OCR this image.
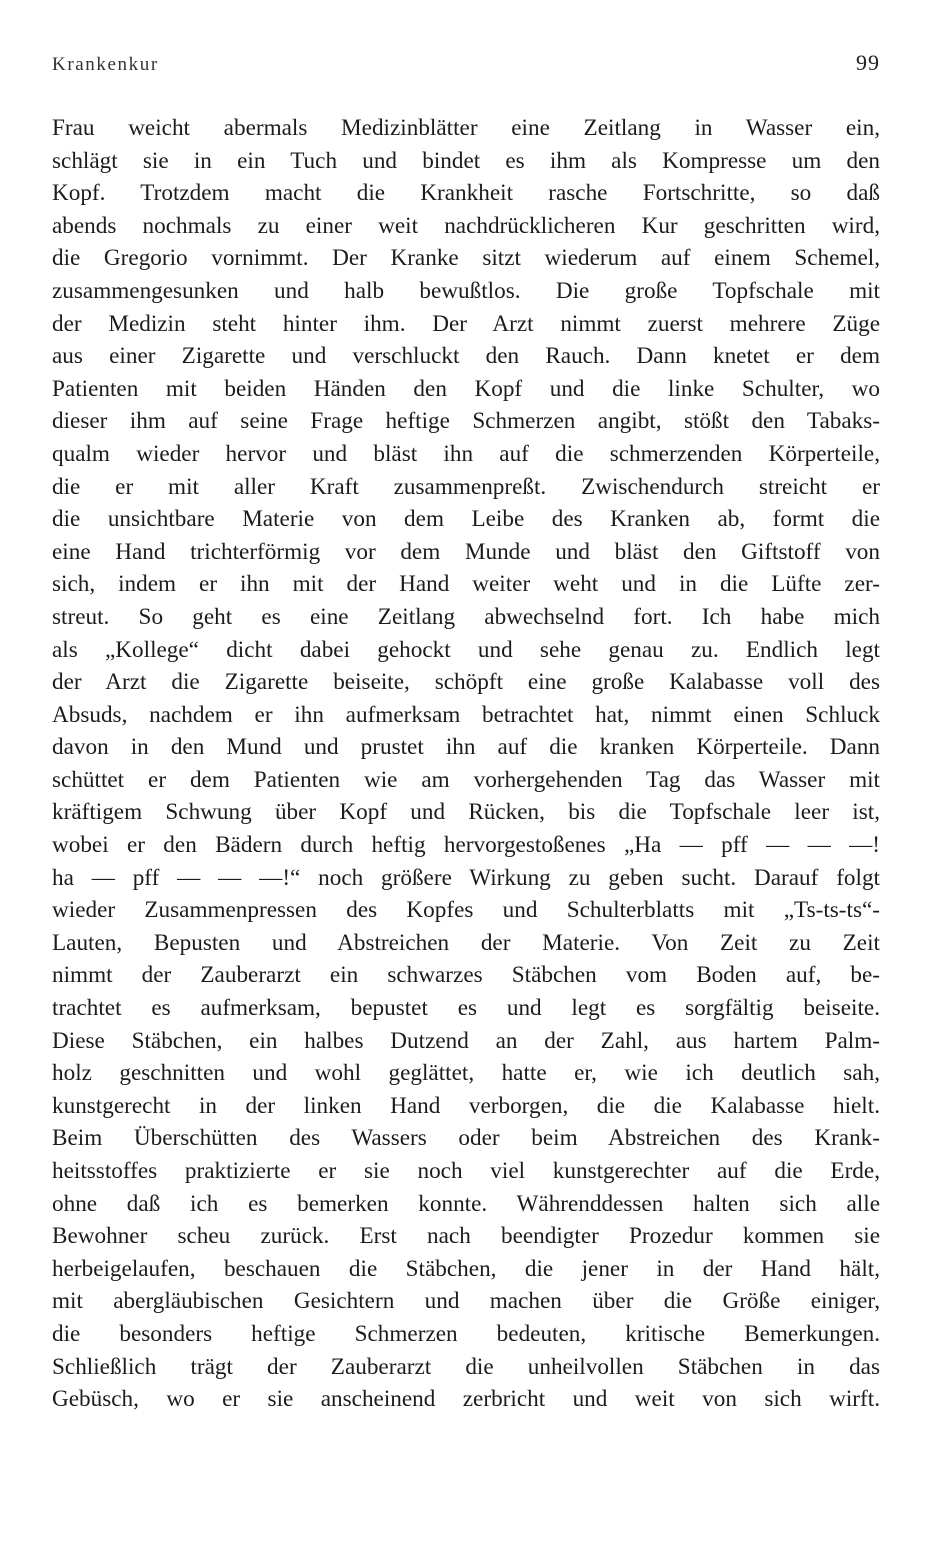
Krankenkur	99
Frau weicht abermals Medizinblätter eine Zeitlang in Wasser ein,
schlägt sie in ein Tuch und bindet es ihm als Kompresse um den
Kopf. Trotzdem macht die Krankheit rasche Fortschritte, so daß
abends nochmals zu einer weit nachdrücklicheren Kur geschritten wird,
die Gregorio vornimmt. Der Kranke sitzt wiederum auf einem Schemel,
zusammengesunken und halb bewußtlos. Die große Topfschale mit
der Medizin steht hinter ihm. Der Arzt nimmt zuerst mehrere Züge
aus einer Zigarette und verschluckt den Rauch. Dann knetet er dem
Patienten mit beiden Händen den Kopf und die linke Schulter, wo
dieser ihm auf seine Frage heftige Schmerzen angibt, stößt den Tabaks-
qualm wieder hervor und bläst ihn auf die schmerzenden Körperteile,
die er mit aller Kraft zusammenpreßt. Zwischendurch streicht er
die unsichtbare Materie von dem Leibe des Kranken ab, formt die
eine Hand trichterförmig vor dem Munde und bläst den Giftstoff von
sich, indem er ihn mit der Hand weiter weht und in die Lüfte zer-
streut. So geht es eine Zeitlang abwechselnd fort. Ich habe mich
als „Kollege“ dicht dabei gehockt und sehe genau zu. Endlich legt
der Arzt die Zigarette beiseite, schöpft eine große Kalabasse voll des
Absuds, nachdem er ihn aufmerksam betrachtet hat, nimmt einen Schluck
davon in den Mund und prustet ihn auf die kranken Körperteile. Dann
schüttet er dem Patienten wie am vorhergehenden Tag das Wasser mit
kräftigem Schwung über Kopf und Rücken, bis die Topfschale leer ist,
wobei er den Bädern durch heftig hervorgestoßenes „Ha — pff — — —!
ha — pff — — —!“ noch größere Wirkung zu geben sucht. Darauf folgt
wieder Zusammenpressen des Kopfes und Schulterblatts mit „Ts-ts-ts“-
Lauten, Bepusten und Abstreichen der Materie. Von Zeit zu Zeit
nimmt der Zauberarzt ein schwarzes Stäbchen vom Boden auf, be-
trachtet es aufmerksam, bepustet es und legt es sorgfältig beiseite.
Diese Stäbchen, ein halbes Dutzend an der Zahl, aus hartem Palm-
holz geschnitten und wohl geglättet, hatte er, wie ich deutlich sah,
kunstgerecht in der linken Hand verborgen, die die Kalabasse hielt.
Beim Überschütten des Wassers oder beim Abstreichen des Krank-
heitsstoffes praktizierte er sie noch viel kunstgerechter auf die Erde,
ohne daß ich es bemerken konnte. Währenddessen halten sich alle
Bewohner scheu zurück. Erst nach beendigter Prozedur kommen sie
herbeigelaufen, beschauen die Stäbchen, die jener in der Hand hält,
mit abergläubischen Gesichtern und machen über die Größe einiger,
die besonders heftige Schmerzen bedeuten, kritische Bemerkungen.
Schließlich trägt der Zauberarzt die unheilvollen Stäbchen in das
Gebüsch, wo er sie anscheinend zerbricht und weit von sich wirft.
